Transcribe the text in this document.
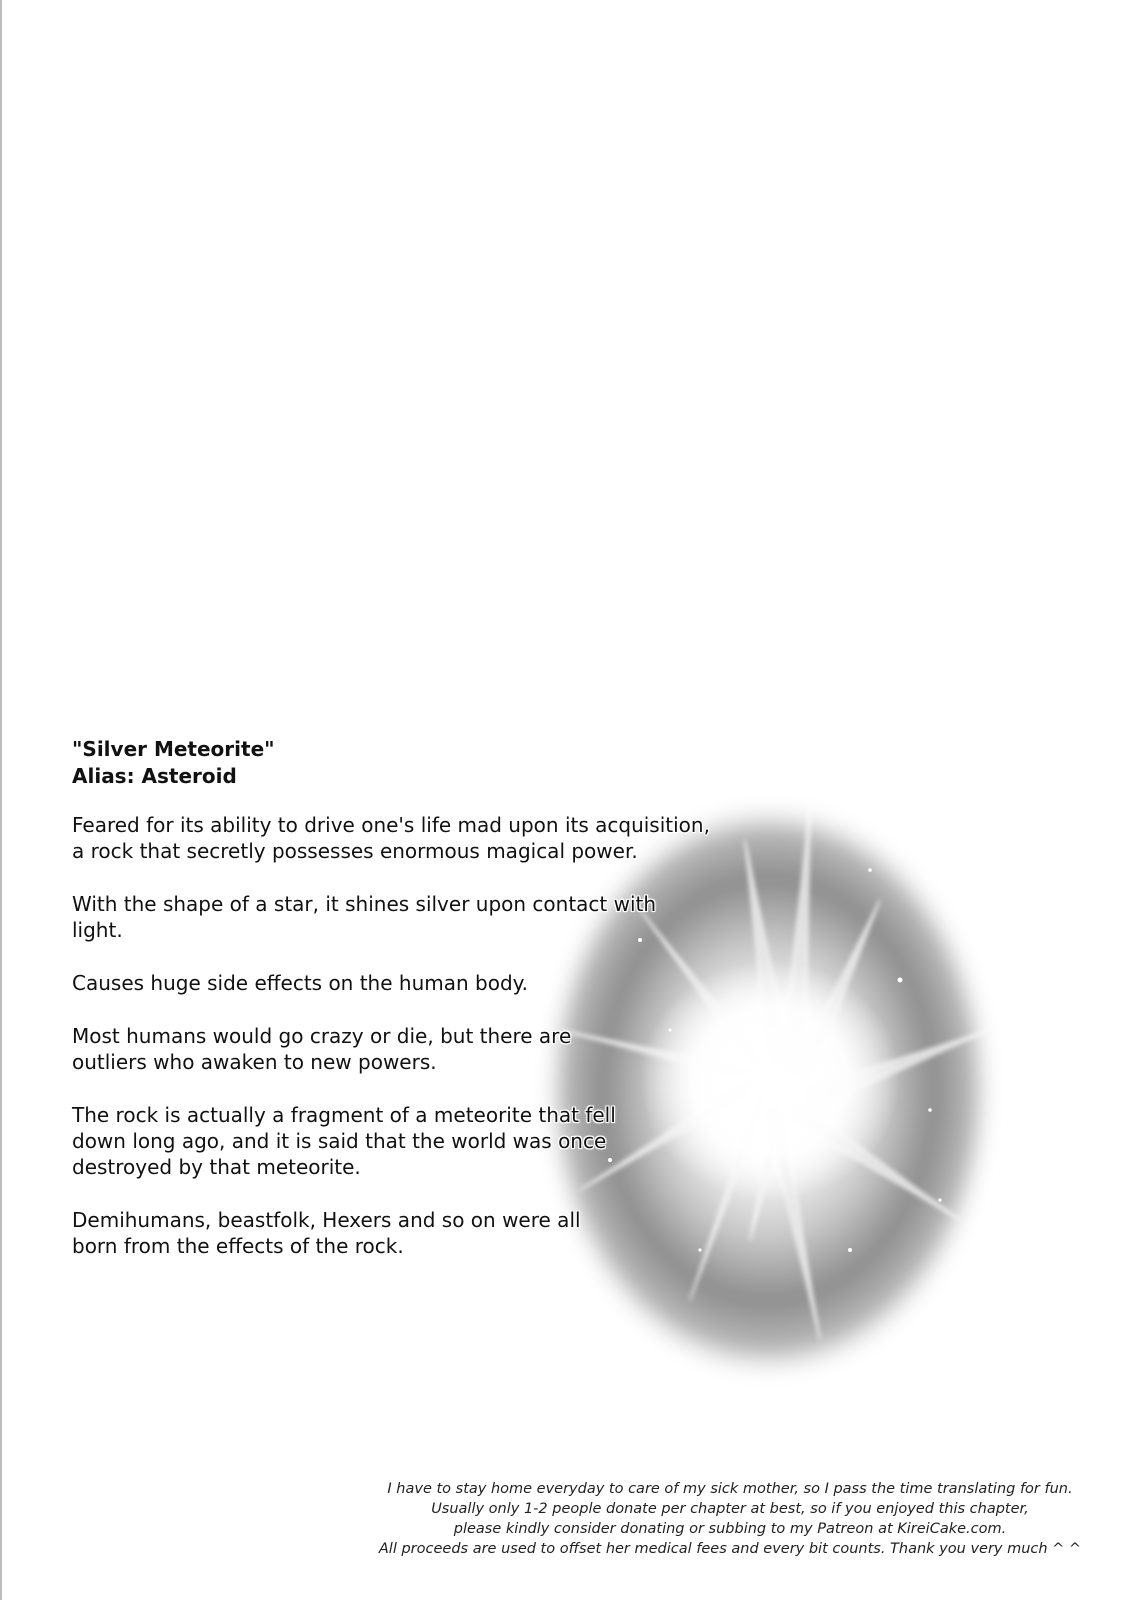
"Silver Meteorite"

Alias: Asteroid

Feared for its ability to drive one's life mad upon its acquisition,
a rock that secretly possesses enormous magical power.

With the shape of a star, it shines silver upon contact with light.

Causes huge side effects on the human body.

Most humans would go crazy or die, but there are
outliers who awaken to new powers.

The rock is actually a fragment of a meteorite that fell
down long ago, and it is said that the world was once
destroyed by that meteorite.

Demihumans, beastfolk, Hexers and so on were all
born from the effects of the rock.

I have to stay home everyday to care of my sick mother, so I pass the time translating for fun.
Usually only 1-2 people donate per chapter at best, so if you enjoyed this chapter,
please kindly consider donating or subbing to my Patreon at KireiCake.com.
All proceeds are used to offset her medical fees and every bit counts. Thank you very much ^ ^
